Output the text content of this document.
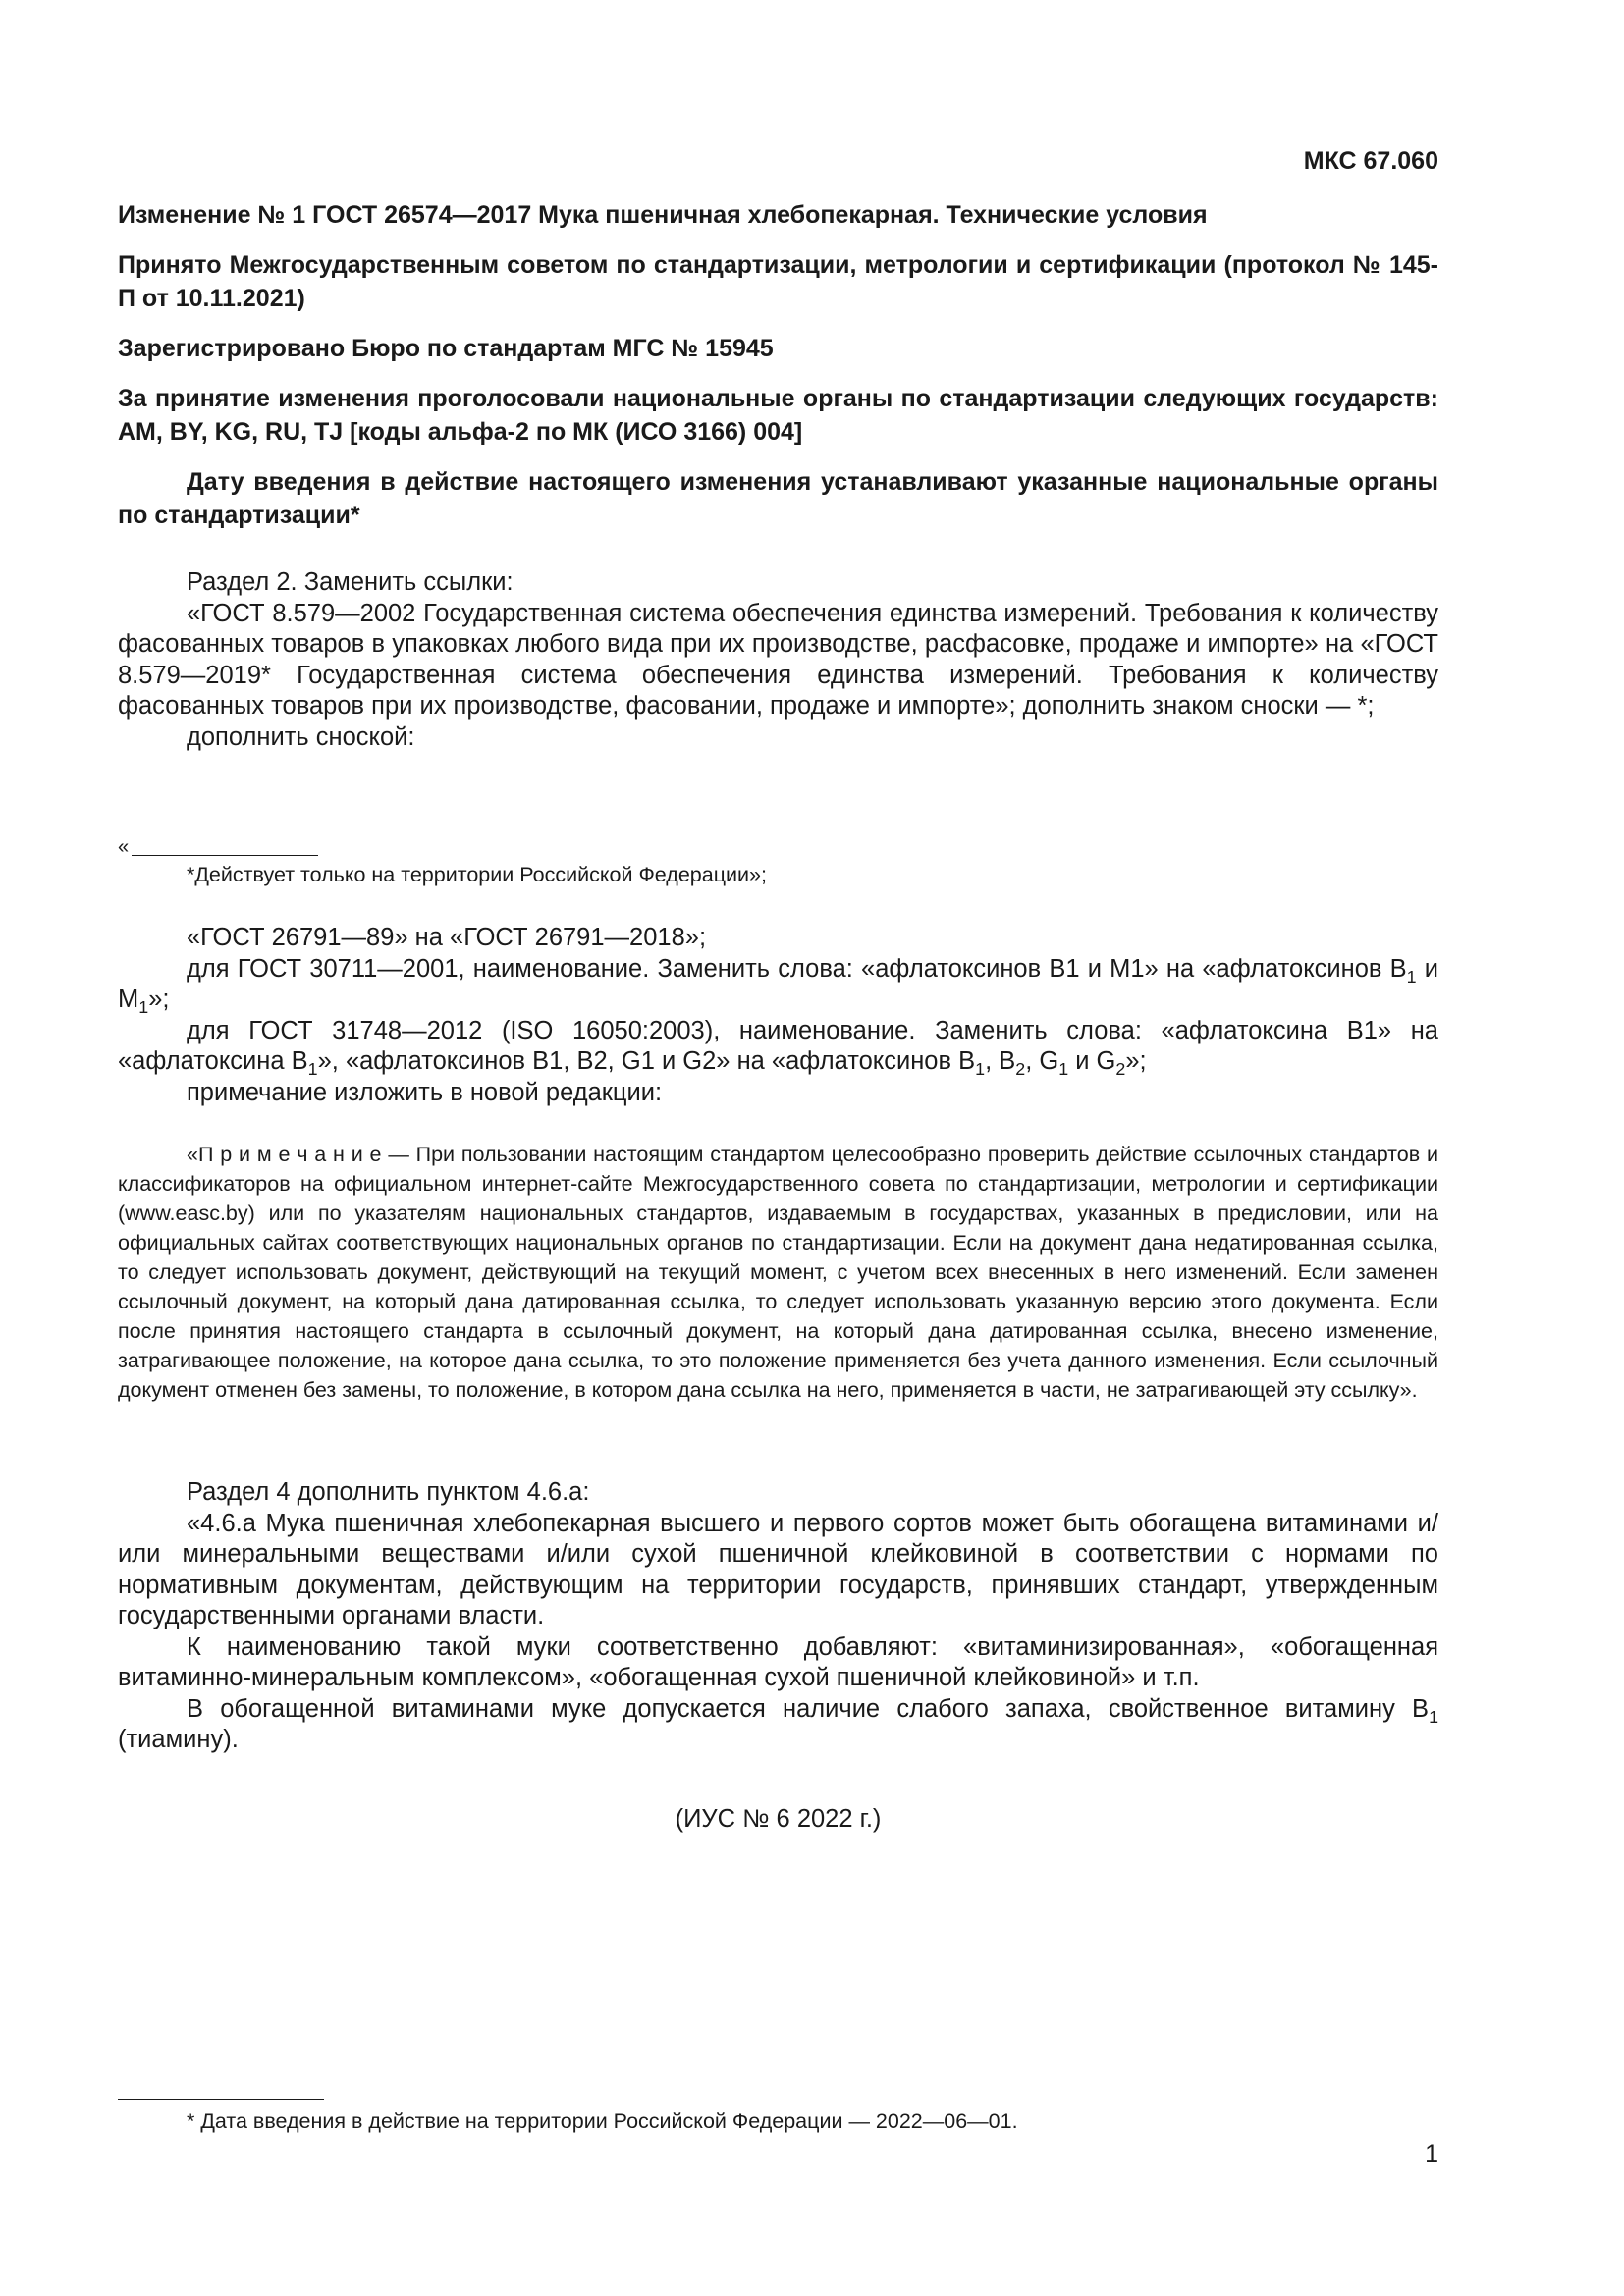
МКС 67.060
Изменение № 1 ГОСТ 26574—2017 Мука пшеничная хлебопекарная. Технические условия
Принято Межгосударственным советом по стандартизации, метрологии и сертификации (протокол № 145-П от 10.11.2021)
Зарегистрировано Бюро по стандартам МГС № 15945
За принятие изменения проголосовали национальные органы по стандартизации следующих государств: AM, BY, KG, RU, TJ [коды альфа-2 по МК (ИСО 3166) 004]
Дату введения в действие настоящего изменения устанавливают указанные национальные органы по стандартизации*

Раздел 2. Заменить ссылки:

«ГОСТ 8.579—2002 Государственная система обеспечения единства измерений. Требования к количеству фасованных товаров в упаковках любого вида при их производстве, расфасовке, продаже и импорте» на «ГОСТ 8.579—2019* Государственная система обеспечения единства измерений. Требования к количеству фасованных товаров при их производстве, фасовании, продаже и импорте»; дополнить знаком сноски — *;

дополнить сноской:

«
*Действует только на территории Российской Федерации»;

«ГОСТ 26791—89» на «ГОСТ 26791—2018»;

для ГОСТ 30711—2001, наименование. Заменить слова: «афлатоксинов В1 и М1» на «афлатоксинов $В_1$ и $М_1$»;

для ГОСТ 31748—2012 (ISO 16050:2003), наименование. Заменить слова: «афлатоксина В1» на «афлатоксина $В_1$», «афлатоксинов В1, В2, G1 и G2» на «афлатоксинов $В_1$, $В_2$, $G_1$ и $G_2$»;

примечание изложить в новой редакции:

«П р и м е ч а н и е — При пользовании настоящим стандартом целесообразно проверить действие ссылочных стандартов и классификаторов на официальном интернет-сайте Межгосударственного совета по стандартизации, метрологии и сертификации (www.easc.by) или по указателям национальных стандартов, издаваемым в государствах, указанных в предисловии, или на официальных сайтах соответствующих национальных органов по стандартизации. Если на документ дана недатированная ссылка, то следует использовать документ, действующий на текущий момент, с учетом всех внесенных в него изменений. Если заменен ссылочный документ, на который дана датированная ссылка, то следует использовать указанную версию этого документа. Если после принятия настоящего стандарта в ссылочный документ, на который дана датированная ссылка, внесено изменение, затрагивающее положение, на которое дана ссылка, то это положение применяется без учета данного изменения. Если ссылочный документ отменен без замены, то положение, в котором дана ссылка на него, применяется в части, не затрагивающей эту ссылку».

Раздел 4 дополнить пунктом 4.6.а:

«4.6.а Мука пшеничная хлебопекарная высшего и первого сортов может быть обогащена витаминами и/или минеральными веществами и/или сухой пшеничной клейковиной в соответствии с нормами по нормативным документам, действующим на территории государств, принявших стандарт, утвержденным государственными органами власти.

К наименованию такой муки соответственно добавляют: «витаминизированная», «обогащенная витаминно-минеральным комплексом», «обогащенная сухой пшеничной клейковиной» и т.п.

В обогащенной витаминами муке допускается наличие слабого запаха, свойственное витамину $В_1$ (тиамину).

(ИУС № 6 2022 г.)
* Дата введения в действие на территории Российской Федерации — 2022—06—01.
1
